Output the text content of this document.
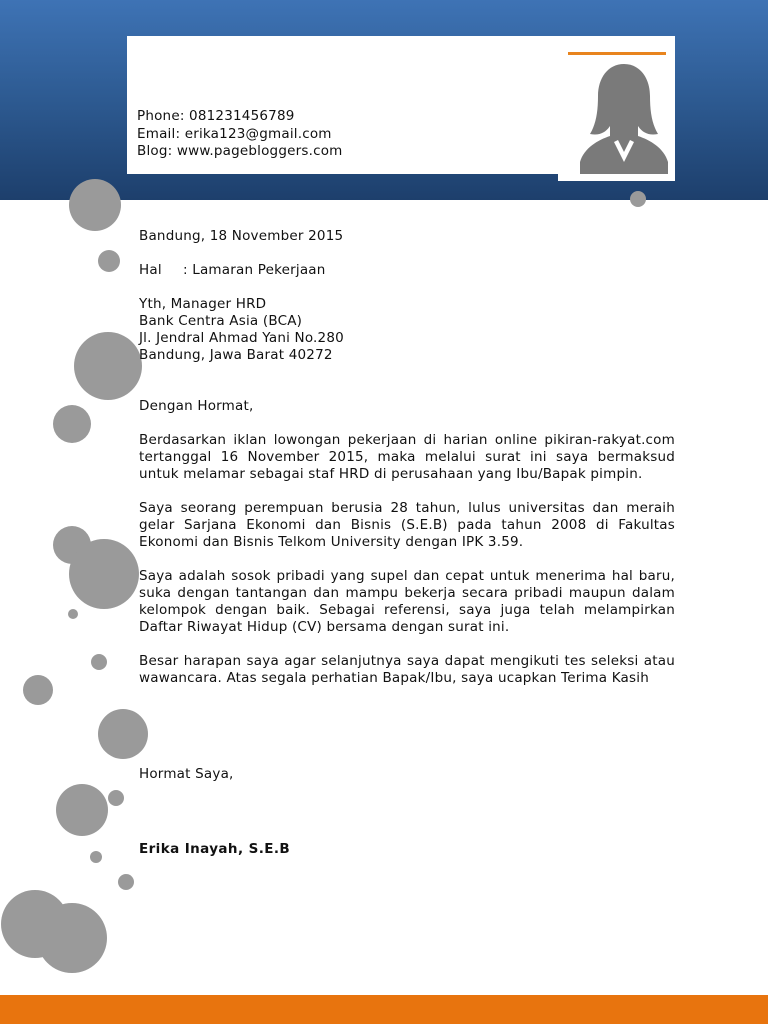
Phone: 081231456789
Email: erika123@gmail.com
Blog: www.pagebloggers.com

Bandung, 18 November 2015

Hal : Lamaran Pekerjaan

Yth, Manager HRD

Bank Centra Asia (BCA)

Jl. Jendral Ahmad Yani No.280

Bandung, Jawa Barat 40272

Dengan Hormat,

Berdasarkan iklan lowongan pekerjaan di harian online pikiran-rakyat.com tertanggal 16 November 2015, maka melalui surat ini saya bermaksud untuk melamar sebagai staf HRD di perusahaan yang Ibu/Bapak pimpin.

Saya seorang perempuan berusia 28 tahun, lulus universitas dan meraih gelar Sarjana Ekonomi dan Bisnis (S.E.B) pada tahun 2008 di Fakultas Ekonomi dan Bisnis Telkom University dengan IPK 3.59.

Saya adalah sosok pribadi yang supel dan cepat untuk menerima hal baru, suka dengan tantangan dan mampu bekerja secara pribadi maupun dalam kelompok dengan baik. Sebagai referensi, saya juga telah melampirkan Daftar Riwayat Hidup (CV) bersama dengan surat ini.

Besar harapan saya agar selanjutnya saya dapat mengikuti tes seleksi atau wawancara. Atas segala perhatian Bapak/Ibu, saya ucapkan Terima Kasih

Hormat Saya,

Erika Inayah, S.E.B
